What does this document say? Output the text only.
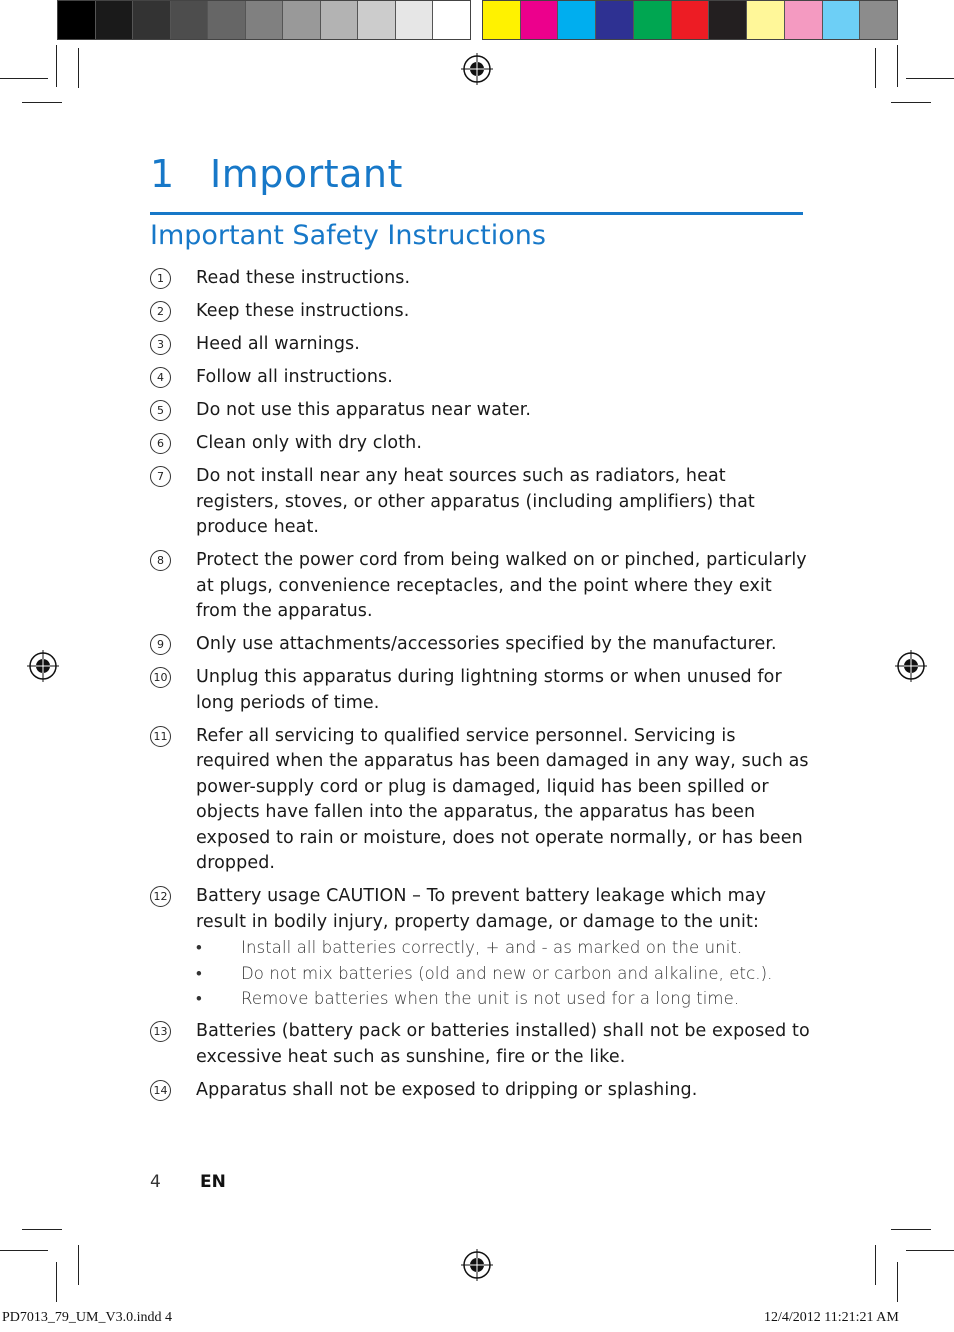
1 Important
Important Safety Instructions
1	Read these instructions.
2	Keep these instructions.
3	Heed all warnings.
4	Follow all instructions.
5	Do not use this apparatus near water.
6	Clean only with dry cloth.
7	Do not install near any heat sources such as radiators, heat registers, stoves, or other apparatus (including amplifiers) that produce heat.
8	Protect the power cord from being walked on or pinched, particularly at plugs, convenience receptacles, and the point where they exit from the apparatus.
9	Only use attachments/accessories specified by the manufacturer.
10 Unplug this apparatus during lightning storms or when unused for long periods of time.
11 Refer all servicing to qualified service personnel. Servicing is required when the apparatus has been damaged in any way, such as power-supply cord or plug is damaged, liquid has been spilled or objects have fallen into the apparatus, the apparatus has been exposed to rain or moisture, does not operate normally, or has been dropped.
12 Battery usage CAUTION – To prevent battery leakage which may result in bodily injury, property damage, or damage to the unit:
•
Install all batteries correctly, + and - as marked on the unit.
•
Do not mix batteries (old and new or carbon and alkaline, etc.).
•
Remove batteries when the unit is not used for a long time.
13 Batteries (battery pack or batteries installed) shall not be exposed to excessive heat such as sunshine, fire or the like.
14 Apparatus shall not be exposed to dripping or splashing.
4 EN
PD7013_79_UM_V3.0.indd 4	12/4/2012 11:21:21 AM
